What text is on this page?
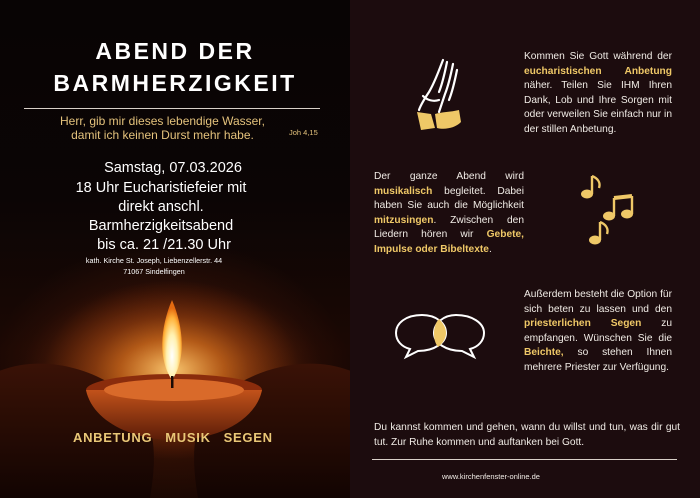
ABEND DER
BARMHERZIGKEIT
Herr, gib mir dieses lebendige Wasser,
damit ich keinen Durst mehr habe.	Joh 4,15
Samstag, 07.03.2026
18 Uhr Eucharistiefeier mit
direkt anschl.
Barmherzigkeitsabend
bis ca. 21 /21.30 Uhr
kath. Kirche St. Joseph, Liebenzellerstr. 44
71067 Sindelfingen
ANBETUNG MUSIK SEGEN
Kommen Sie Gott während der eucharistischen Anbetung näher. Teilen Sie IHM Ihren Dank, Lob und Ihre Sorgen mit oder verweilen Sie einfach nur in der stillen Anbetung.
Der ganze Abend wird musikalisch begleitet. Dabei haben Sie auch die Möglichkeit mitzusingen. Zwischen den Liedern hören wir Gebete, Impulse oder Bibeltexte.
Außerdem besteht die Option für sich beten zu lassen und den priesterlichen Segen zu empfangen. Wünschen Sie die Beichte, so stehen Ihnen mehrere Priester zur Verfügung.
Du kannst kommen und gehen, wann du willst und tun, was dir gut tut. Zur Ruhe kommen und auftanken bei Gott.
www.kirchenfenster-online.de
